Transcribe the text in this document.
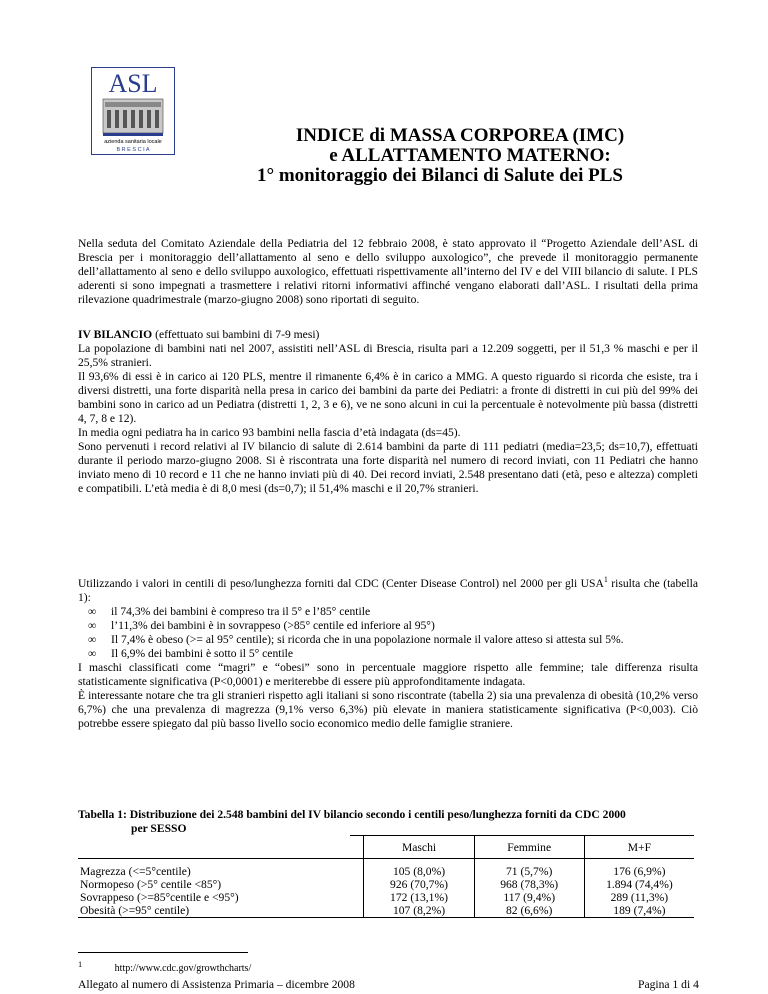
ASL
azienda sanitaria locale
B R E S C I A
INDICE di MASSA CORPOREA (IMC)
e ALLATTAMENTO MATERNO:
1° monitoraggio dei Bilanci di Salute dei PLS

Nella seduta del Comitato Aziendale della Pediatria del 12 febbraio 2008, è stato approvato il “Progetto Aziendale dell’ASL di Brescia per i monitoraggio dell’allattamento al seno e dello sviluppo auxologico”, che prevede il monitoraggio permanente dell’allattamento al seno e dello sviluppo auxologico, effettuati rispettivamente all’interno del IV e del VIII bilancio di salute. I PLS aderenti si sono impegnati a trasmettere i relativi ritorni informativi affinché vengano elaborati dall’ASL. I risultati della prima rilevazione quadrimestrale (marzo-giugno 2008) sono riportati di seguito.

IV BILANCIO (effettuato sui bambini di 7-9 mesi)

La popolazione di bambini nati nel 2007, assistiti nell’ASL di Brescia, risulta pari a 12.209 soggetti, per il 51,3 % maschi e per il 25,5% stranieri.

Il 93,6% di essi è in carico ai 120 PLS, mentre il rimanente 6,4% è in carico a MMG. A questo riguardo si ricorda che esiste, tra i diversi distretti, una forte disparità nella presa in carico dei bambini da parte dei Pediatri: a fronte di distretti in cui più del 99% dei bambini sono in carico ad un Pediatra (distretti 1, 2, 3 e 6), ve ne sono alcuni in cui la percentuale è notevolmente più bassa (distretti 4, 7, 8 e 12).

In media ogni pediatra ha in carico 93 bambini nella fascia d’età indagata (ds=45).

Sono pervenuti i record relativi al IV bilancio di salute di 2.614 bambini da parte di 111 pediatri (media=23,5; ds=10,7), effettuati durante il periodo marzo-giugno 2008. Si è riscontrata una forte disparità nel numero di record inviati, con 11 Pediatri che hanno inviato meno di 10 record e 11 che ne hanno inviati più di 40. Dei record inviati, 2.548 presentano dati (età, peso e altezza) completi e compatibili. L’età media è di 8,0 mesi (ds=0,7); il 51,4% maschi e il 20,7% stranieri.

Utilizzando i valori in centili di peso/lunghezza forniti dal CDC (Center Disease Control) nel 2000 per gli USA$^1$ risulta che (tabella 1):

∞ il 74,3% dei bambini è compreso tra il 5° e l’85° centile
∞ l’11,3% dei bambini è in sovrappeso (>85° centile ed inferiore al 95°)
∞ Il 7,4% è obeso (>= al 95° centile); si ricorda che in una popolazione normale il valore atteso si attesta sul 5%.
∞ Il 6,9% dei bambini è sotto il 5° centile

I maschi classificati come “magri” e “obesi” sono in percentuale maggiore rispetto alle femmine; tale differenza risulta statisticamente significativa (P<0,0001) e meriterebbe di essere più approfonditamente indagata.

È interessante notare che tra gli stranieri rispetto agli italiani si sono riscontrate (tabella 2) sia una prevalenza di obesità (10,2% verso 6,7%) che una prevalenza di magrezza (9,1% verso 6,3%) più elevate in maniera statisticamente significativa (P<0,003). Ciò potrebbe essere spiegato dal più basso livello socio economico medio delle famiglie straniere.

Tabella 1: Distribuzione dei 2.548 bambini del IV bilancio secondo i centili peso/lunghezza forniti da CDC 2000
per SESSO
		Maschi	Femmine	M+F

Magrezza (<=5°centile)		105 (8,0%)	71 (5,7%)	176 (6,9%)
Normopeso (>5° centile <85°)		926 (70,7%)	968 (78,3%)	1.894 (74,4%)
Sovrappeso (>=85°centile e <95°)		172 (13,1%)	117 (9,4%)	289 (11,3%)
Obesità (>=95° centile)		107 (8,2%)	82 (6,6%)	189 (7,4%)
$^1$	http://www.cdc.gov/growthcharts/
Allegato al numero di Assistenza Primaria – dicembre 2008	Pagina 1 di 4
